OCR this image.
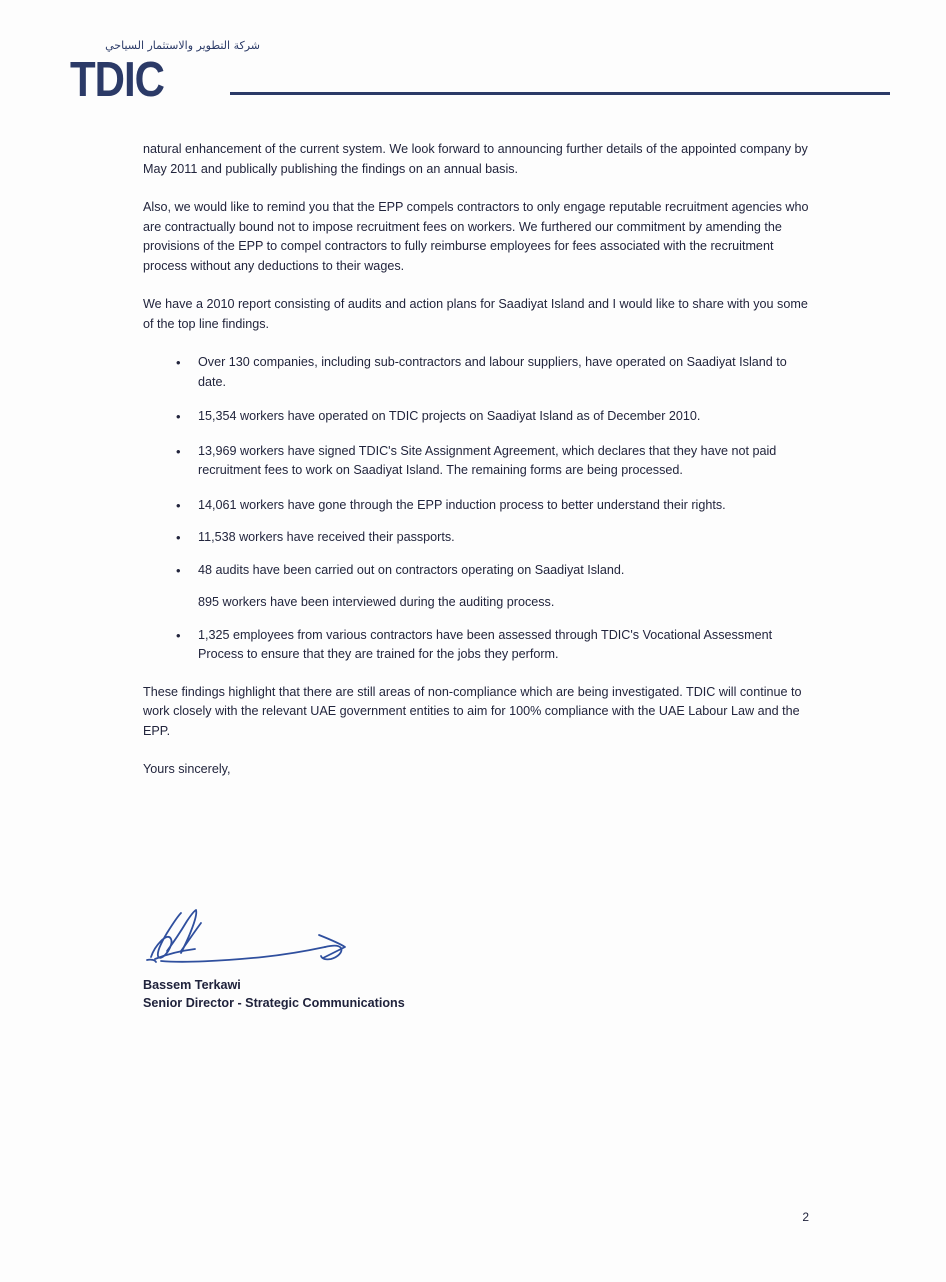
شركة التطوير والاستثمار السياحي
TDIC

natural enhancement of the current system. We look forward to announcing further details of the appointed company by May 2011 and publically publishing the findings on an annual basis.

Also, we would like to remind you that the EPP compels contractors to only engage reputable recruitment agencies who are contractually bound not to impose recruitment fees on workers. We furthered our commitment by amending the provisions of the EPP to compel contractors to fully reimburse employees for fees associated with the recruitment process without any deductions to their wages.

We have a 2010 report consisting of audits and action plans for Saadiyat Island and I would like to share with you some of the top line findings.

• Over 130 companies, including sub-contractors and labour suppliers, have operated on Saadiyat Island to date.
• 15,354 workers have operated on TDIC projects on Saadiyat Island as of December 2010.
• 13,969 workers have signed TDIC's Site Assignment Agreement, which declares that they have not paid recruitment fees to work on Saadiyat Island. The remaining forms are being processed.
• 14,061 workers have gone through the EPP induction process to better understand their rights.
• 11,538 workers have received their passports.
• 48 audits have been carried out on contractors operating on Saadiyat Island.
895 workers have been interviewed during the auditing process.
• 1,325 employees from various contractors have been assessed through TDIC's Vocational Assessment Process to ensure that they are trained for the jobs they perform.

These findings highlight that there are still areas of non-compliance which are being investigated. TDIC will continue to work closely with the relevant UAE government entities to aim for 100% compliance with the UAE Labour Law and the EPP.

Yours sincerely,

Bassem Terkawi
Senior Director - Strategic Communications
2
